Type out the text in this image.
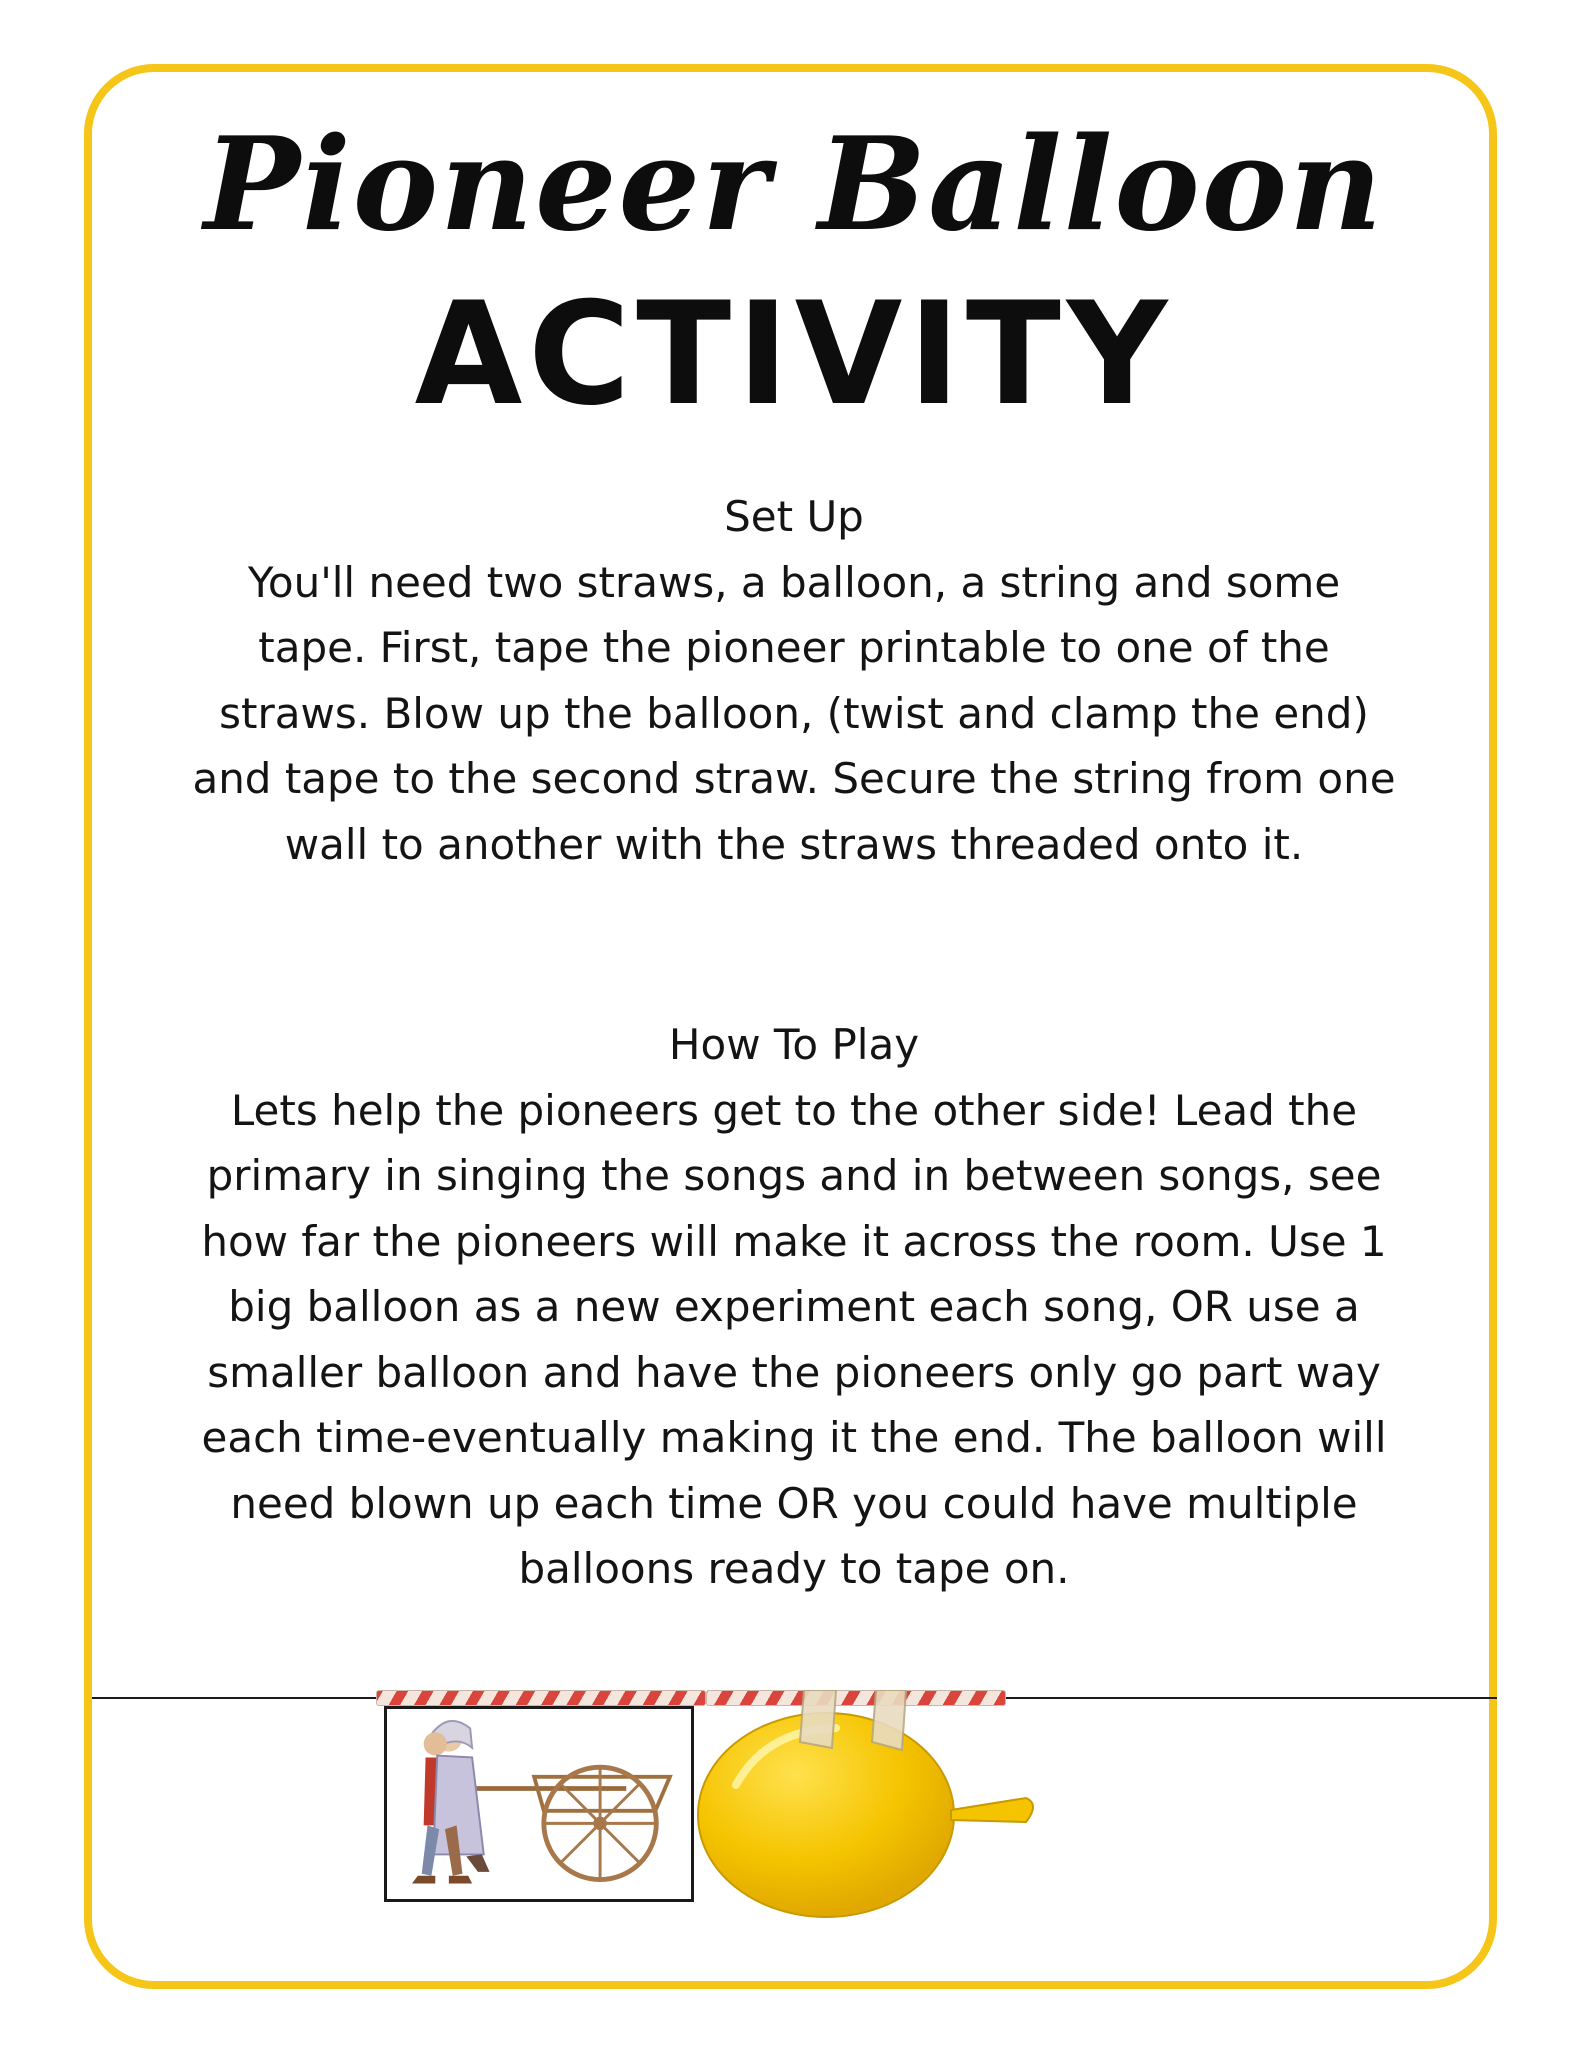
Pioneer Balloon
ACTIVITY
Set Up
You'll need two straws, a balloon, a string and some tape. First, tape the pioneer printable to one of the straws. Blow up the balloon, (twist and clamp the end) and tape to the second straw. Secure the string from one wall to another with the straws threaded onto it.
How To Play
Lets help the pioneers get to the other side! Lead the primary in singing the songs and in between songs, see how far the pioneers will make it across the room. Use 1 big balloon as a new experiment each song, OR use a smaller balloon and have the pioneers only go part way each time-eventually making it the end. The balloon will need blown up each time OR you could have multiple balloons ready to tape on.
